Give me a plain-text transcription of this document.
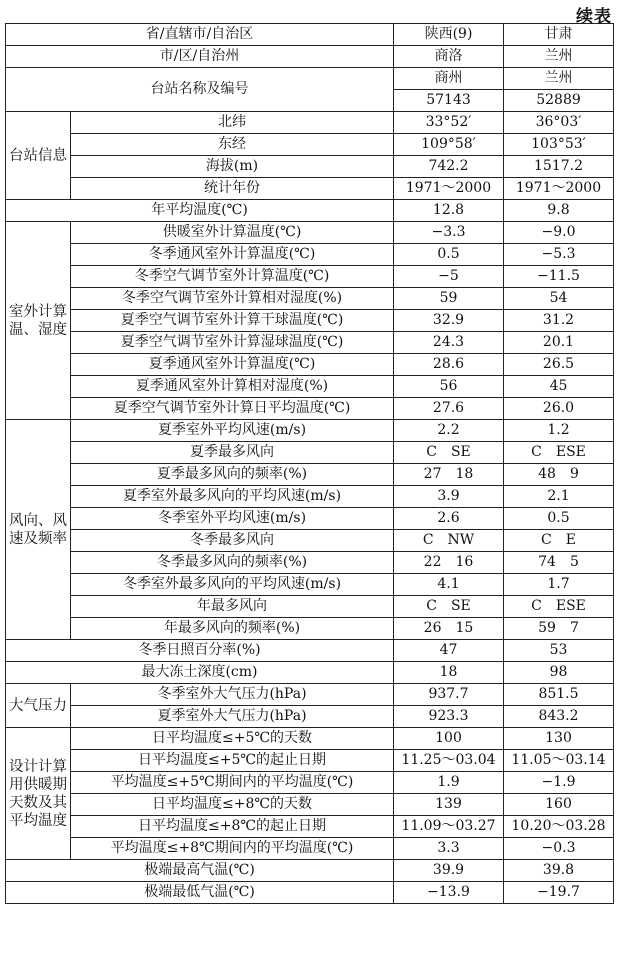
续表
省/直辖市/自治区		陕西(9)	甘肃
市/区/自治州		商洛	兰州
台站名称及编号		商州	兰州
		57143	52889
台站信息	北纬	33°52′	36°03′
	东经	109°58′	103°53′
	海拔(m)	742.2	1517.2
	统计年份	1971～2000	1971～2000
年平均温度(℃)		12.8	9.8
室外计算温、湿度	供暖室外计算温度(℃)	−3.3	−9.0
	冬季通风室外计算温度(℃)	0.5	−5.3
	冬季空气调节室外计算温度(℃)	−5	−11.5
	冬季空气调节室外计算相对湿度(%)	59	54
	夏季空气调节室外计算干球温度(℃)	32.9	31.2
	夏季空气调节室外计算湿球温度(℃)	24.3	20.1
	夏季通风室外计算温度(℃)	28.6	26.5
	夏季通风室外计算相对湿度(%)	56	45
	夏季空气调节室外计算日平均温度(℃)	27.6	26.0
风向、风速及频率	夏季室外平均风速(m/s)	2.2	1.2
	夏季最多风向	C SE	C ESE
	夏季最多风向的频率(%)	27 18	48 9
	夏季室外最多风向的平均风速(m/s)	3.9	2.1
	冬季室外平均风速(m/s)	2.6	0.5
	冬季最多风向	C NW	C E
	冬季最多风向的频率(%)	22 16	74 5
	冬季室外最多风向的平均风速(m/s)	4.1	1.7
	年最多风向	C SE	C ESE
	年最多风向的频率(%)	26 15	59 7
冬季日照百分率(%)		47	53
最大冻土深度(cm)		18	98
大气压力	冬季室外大气压力(hPa)	937.7	851.5
	夏季室外大气压力(hPa)	923.3	843.2
设计计算用供暖期天数及其平均温度	日平均温度≤+5℃的天数	100	130
	日平均温度≤+5℃的起止日期	11.25～03.04	11.05～03.14
	平均温度≤+5℃期间内的平均温度(℃)	1.9	−1.9
	日平均温度≤+8℃的天数	139	160
	日平均温度≤+8℃的起止日期	11.09～03.27	10.20～03.28
	平均温度≤+8℃期间内的平均温度(℃)	3.3	−0.3
极端最高气温(℃)		39.9	39.8
极端最低气温(℃)		−13.9	−19.7
